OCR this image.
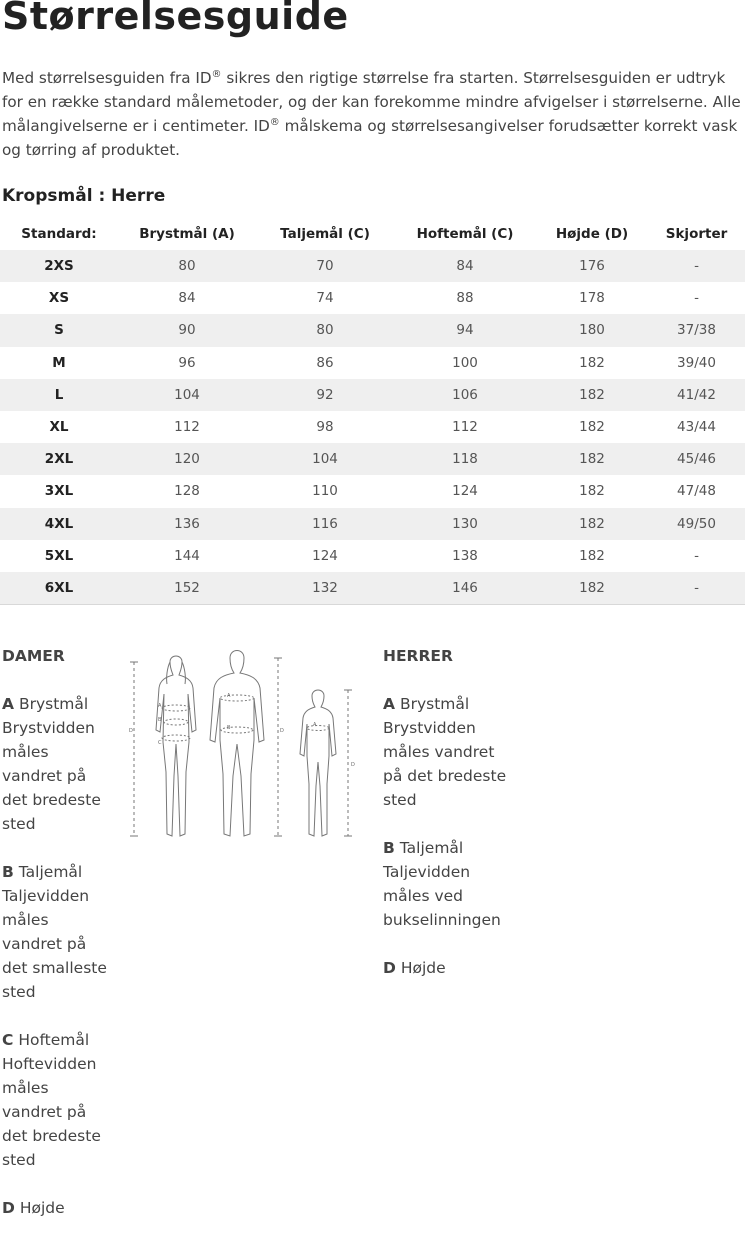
Størrelsesguide

Med størrelsesguiden fra ID® sikres den rigtige størrelse fra starten. Størrelsesguiden er udtryk for en række standard målemetoder, og der kan forekomme mindre afvigelser i størrelserne. Alle målangivelserne er i centimeter. ID® målskema og størrelsesangivelser forudsætter korrekt vask og tørring af produktet.

Kropsmål : Herre
Standard:	Brystmål (A)	Taljemål (C)	Hoftemål (C)	Højde (D)	Skjorter
2XS	80	70	84	176	-
XS	84	74	88	178	-
S	90	80	94	180	37/38
M	96	86	100	182	39/40
L	104	92	106	182	41/42
XL	112	98	112	182	43/44
2XL	120	104	118	182	45/46
3XL	128	110	124	182	47/48
4XL	136	116	130	182	49/50
5XL	144	124	138	182	-
6XL	152	132	146	182	-

DAMER

A Brystmål
Brystvidden måles vandret på det bredeste sted

B Taljemål
Taljevidden måles vandret på det smalleste sted

C Hoftemål
Hoftevidden måles vandret på det bredeste sted

D Højde

A
B
C
D
A
B	D
A
D

HERRER

A Brystmål
Brystvidden måles vandret på det bredeste sted

B Taljemål
Taljevidden måles ved bukselinningen

D Højde
